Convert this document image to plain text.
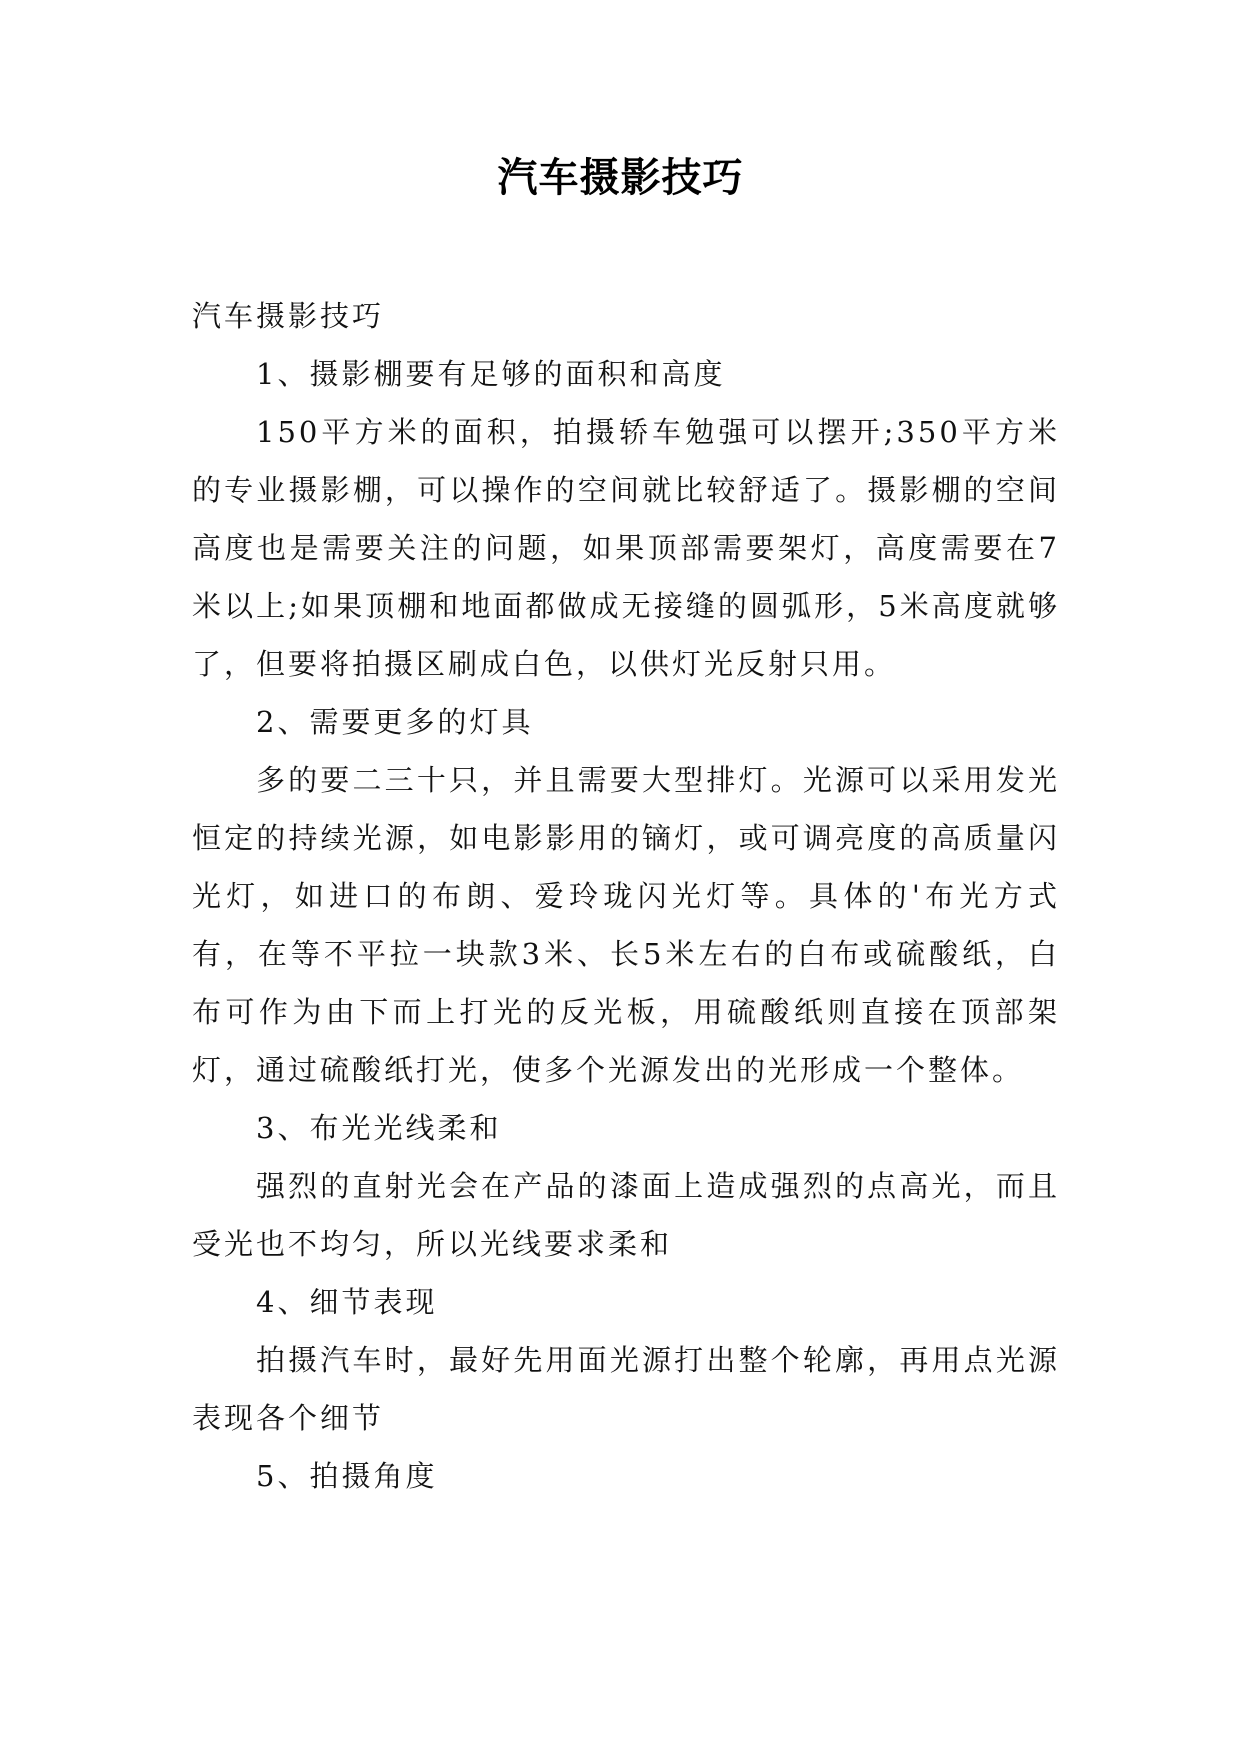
汽车摄影技巧

汽车摄影技巧

1、摄影棚要有足够的面积和高度

150平方米的面积，拍摄轿车勉强可以摆开;350平方米的专业摄影棚，可以操作的空间就比较舒适了。摄影棚的空间高度也是需要关注的问题，如果顶部需要架灯，高度需要在7米以上;如果顶棚和地面都做成无接缝的圆弧形，5米高度就够了，但要将拍摄区刷成白色，以供灯光反射只用。

2、需要更多的灯具

多的要二三十只，并且需要大型排灯。光源可以采用发光恒定的持续光源，如电影影用的镝灯，或可调亮度的高质量闪光灯，如进口的布朗、爱玲珑闪光灯等。具体的'布光方式有，在等不平拉一块款3米、长5米左右的白布或硫酸纸，白布可作为由下而上打光的反光板，用硫酸纸则直接在顶部架灯，通过硫酸纸打光，使多个光源发出的光形成一个整体。

3、布光光线柔和

强烈的直射光会在产品的漆面上造成强烈的点高光，而且受光也不均匀，所以光线要求柔和

4、细节表现

拍摄汽车时，最好先用面光源打出整个轮廓，再用点光源表现各个细节

5、拍摄角度
